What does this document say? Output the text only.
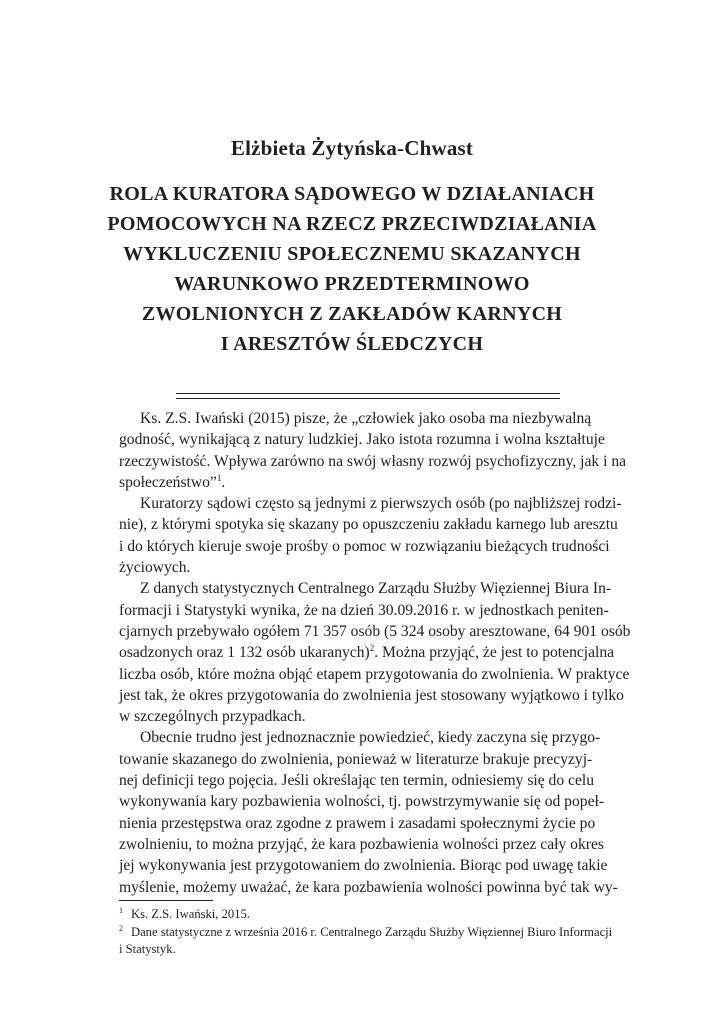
Elżbieta Żytyńska-Chwast
ROLA KURATORA SĄDOWEGO W DZIAŁANIACH
POMOCOWYCH NA RZECZ PRZECIWDZIAŁANIA
WYKLUCZENIU SPOŁECZNEMU SKAZANYCH
WARUNKOWO PRZEDTERMINOWO
ZWOLNIONYCH Z ZAKŁADÓW KARNYCH
I ARESZTÓW ŚLEDCZYCH

Ks. Z.S. Iwański (2015) pisze, że „człowiek jako osoba ma niezbywalną
godność, wynikającą z natury ludzkiej. Jako istota rozumna i wolna kształtuje
rzeczywistość. Wpływa zarówno na swój własny rozwój psychofizyczny, jak i na
społeczeństwo”$^1$.

Kuratorzy sądowi często są jednymi z pierwszych osób (po najbliższej rodzi-
nie), z którymi spotyka się skazany po opuszczeniu zakładu karnego lub aresztu
i do których kieruje swoje prośby o pomoc w rozwiązaniu bieżących trudności
życiowych.

Z danych statystycznych Centralnego Zarządu Służby Więziennej Biura In-
formacji i Statystyki wynika, że na dzień 30.09.2016 r. w jednostkach peniten-
cjarnych przebywało ogółem 71 357 osób (5 324 osoby aresztowane, 64 901 osób
osadzonych oraz 1 132 osób ukaranych)$^2$. Można przyjąć, że jest to potencjalna
liczba osób, które można objąć etapem przygotowania do zwolnienia. W praktyce
jest tak, że okres przygotowania do zwolnienia jest stosowany wyjątkowo i tylko
w szczególnych przypadkach.

Obecnie trudno jest jednoznacznie powiedzieć, kiedy zaczyna się przygo-
towanie skazanego do zwolnienia, ponieważ w literaturze brakuje precyzyj-
nej definicji tego pojęcia. Jeśli określając ten termin, odniesiemy się do celu
wykonywania kary pozbawienia wolności, tj. powstrzymywanie się od popeł-
nienia przestępstwa oraz zgodne z prawem i zasadami społecznymi życie po
zwolnieniu, to można przyjąć, że kara pozbawienia wolności przez cały okres
jej wykonywania jest przygotowaniem do zwolnienia. Biorąc pod uwagę takie
myślenie, możemy uważać, że kara pozbawienia wolności powinna być tak wy-

$^1$ Ks. Z.S. Iwański, 2015.
$^2$ Dane statystyczne z września 2016 r. Centralnego Zarządu Służby Więziennej Biuro Informacji
i Statystyk.
